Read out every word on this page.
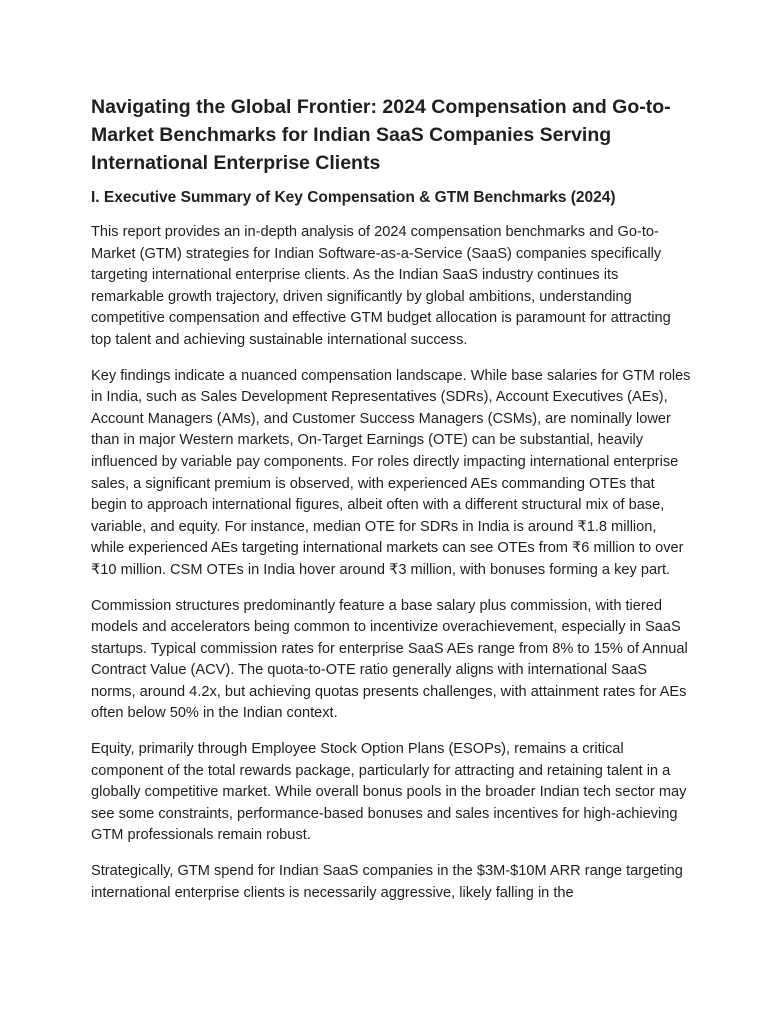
Navigating the Global Frontier: 2024 Compensation and Go-to-Market Benchmarks for Indian SaaS Companies Serving International Enterprise Clients
I. Executive Summary of Key Compensation & GTM Benchmarks (2024)

This report provides an in-depth analysis of 2024 compensation benchmarks and Go-to-Market (GTM) strategies for Indian Software-as-a-Service (SaaS) companies specifically targeting international enterprise clients. As the Indian SaaS industry continues its remarkable growth trajectory, driven significantly by global ambitions, understanding competitive compensation and effective GTM budget allocation is paramount for attracting top talent and achieving sustainable international success.

Key findings indicate a nuanced compensation landscape. While base salaries for GTM roles in India, such as Sales Development Representatives (SDRs), Account Executives (AEs), Account Managers (AMs), and Customer Success Managers (CSMs), are nominally lower than in major Western markets, On-Target Earnings (OTE) can be substantial, heavily influenced by variable pay components. For roles directly impacting international enterprise sales, a significant premium is observed, with experienced AEs commanding OTEs that begin to approach international figures, albeit often with a different structural mix of base, variable, and equity. For instance, median OTE for SDRs in India is around ₹1.8 million, while experienced AEs targeting international markets can see OTEs from ₹6 million to over ₹10 million. CSM OTEs in India hover around ₹3 million, with bonuses forming a key part.

Commission structures predominantly feature a base salary plus commission, with tiered models and accelerators being common to incentivize overachievement, especially in SaaS startups. Typical commission rates for enterprise SaaS AEs range from 8% to 15% of Annual Contract Value (ACV). The quota-to-OTE ratio generally aligns with international SaaS norms, around 4.2x, but achieving quotas presents challenges, with attainment rates for AEs often below 50% in the Indian context.

Equity, primarily through Employee Stock Option Plans (ESOPs), remains a critical component of the total rewards package, particularly for attracting and retaining talent in a globally competitive market. While overall bonus pools in the broader Indian tech sector may see some constraints, performance-based bonuses and sales incentives for high-achieving GTM professionals remain robust.

Strategically, GTM spend for Indian SaaS companies in the $3M-$10M ARR range targeting international enterprise clients is necessarily aggressive, likely falling in the
